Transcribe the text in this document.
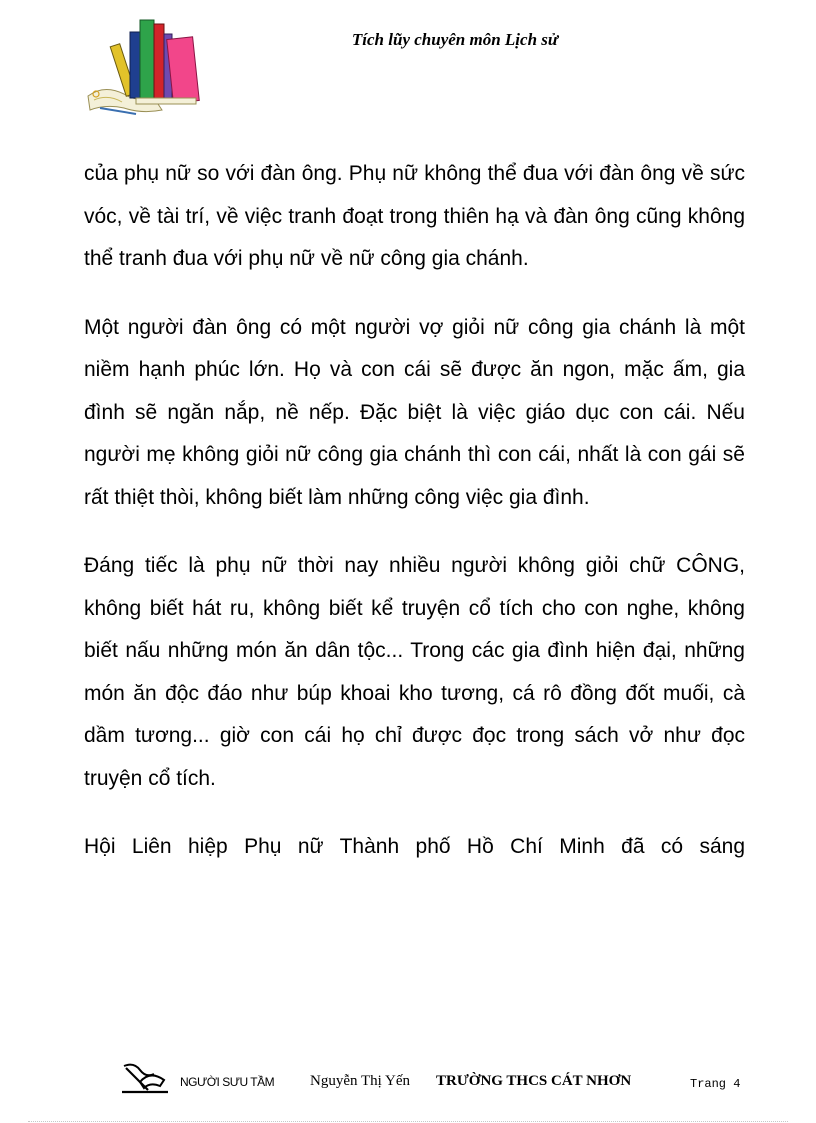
Tích lũy chuyên môn Lịch sử

của phụ nữ so với đàn ông. Phụ nữ không thể đua với đàn ông về sức vóc, về tài trí, về việc tranh đoạt trong thiên hạ và đàn ông cũng không thể tranh đua với phụ nữ về nữ công gia chánh.

Một người đàn ông có một người vợ giỏi nữ công gia chánh là một niềm hạnh phúc lớn. Họ và con cái sẽ được ăn ngon, mặc ấm, gia đình sẽ ngăn nắp, nề nếp. Đặc biệt là việc giáo dục con cái. Nếu người mẹ không giỏi nữ công gia chánh thì con cái, nhất là con gái sẽ rất thiệt thòi, không biết làm những công việc gia đình.

Đáng tiếc là phụ nữ thời nay nhiều người không giỏi chữ CÔNG, không biết hát ru, không biết kể truyện cổ tích cho con nghe, không biết nấu những món ăn dân tộc... Trong các gia đình hiện đại, những món ăn độc đáo như búp khoai kho tương, cá rô đồng đốt muối, cà dầm tương... giờ con cái họ chỉ được đọc trong sách vở như đọc truyện cổ tích.

Hội Liên hiệp Phụ nữ Thành phố Hồ Chí Minh đã có sáng

NGƯỜI SƯU TẦM Nguyễn Thị Yến TRƯỜNG THCS CÁT NHƠN	Trang 4
